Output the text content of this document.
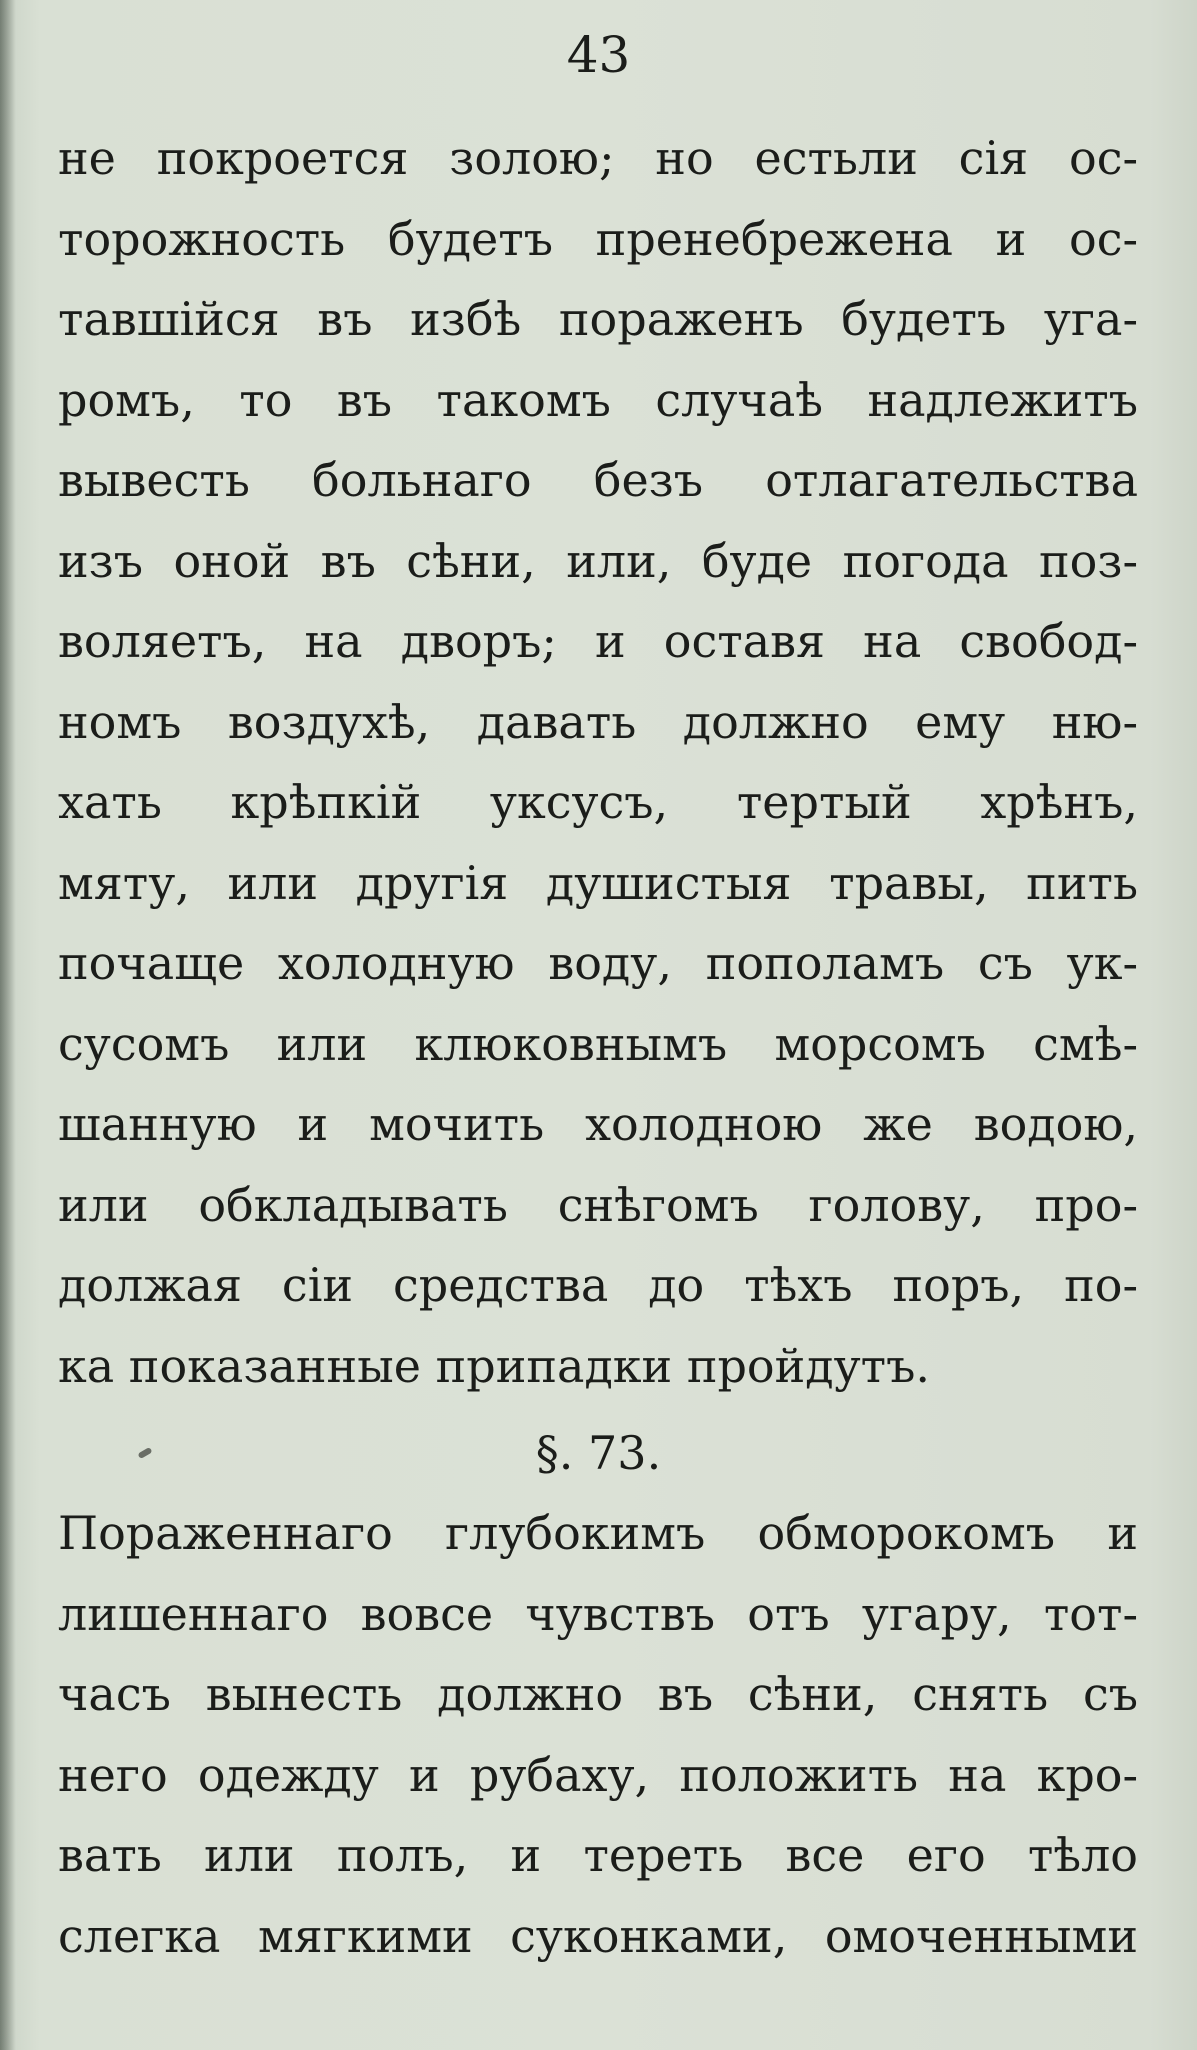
43
не покроется золою; но естьли сія ос-
торожность будетъ пренебрежена и ос-
тавшійся въ избѣ пораженъ будетъ уга-
ромъ, то въ такомъ случаѣ надлежитъ
вывесть больнаго безъ отлагательства
изъ оной въ сѣни, или, буде погода поз-
воляетъ, на дворъ; и оставя на свобод-
номъ воздухѣ, давать должно ему ню-
хать крѣпкій уксусъ, тертый хрѣнъ,
мяту, или другія душистыя травы, пить
почаще холодную воду, пополамъ съ ук-
сусомъ или клюковнымъ морсомъ смѣ-
шанную и мочить холодною же водою,
или обкладывать снѣгомъ голову, про-
должая сіи средства до тѣхъ поръ, по-
ка показанные припадки пройдутъ.
§. 73.
Пораженнаго глубокимъ обморокомъ и
лишеннаго вовсе чувствъ отъ угару, тот-
часъ вынесть должно въ сѣни, снять съ
него одежду и рубаху, положить на кро-
вать или полъ, и тереть все его тѣло
слегка мягкими суконками, омоченными
